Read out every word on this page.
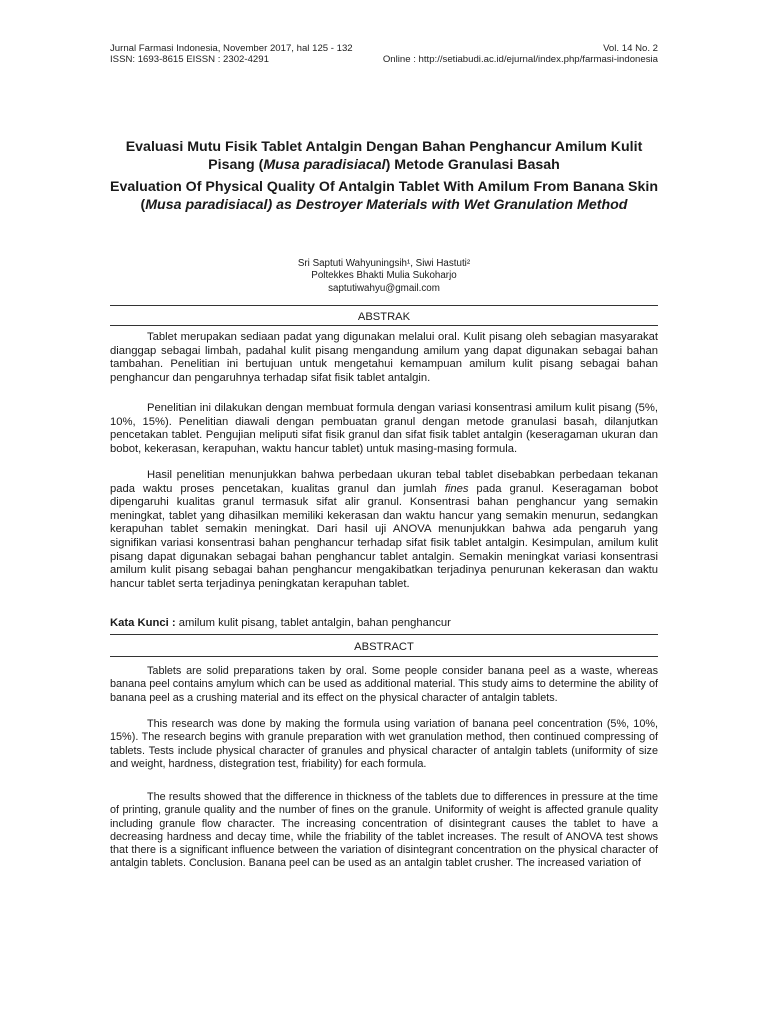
Jurnal Farmasi Indonesia, November 2017, hal 125 - 132	Vol. 14 No. 2
ISSN: 1693-8615 EISSN : 2302-4291	Online : http://setiabudi.ac.id/ejurnal/index.php/farmasi-indonesia
Evaluasi Mutu Fisik Tablet Antalgin Dengan Bahan Penghancur Amilum Kulit Pisang (Musa paradisiacal) Metode Granulasi Basah
Evaluation Of Physical Quality Of Antalgin Tablet With Amilum From Banana Skin (Musa paradisiacal) as Destroyer Materials with Wet Granulation Method
Sri Saptuti Wahyuningsih¹, Siwi Hastuti²
Poltekkes Bhakti Mulia Sukoharjo
saptutiwahyu@gmail.com
ABSTRAK

Tablet merupakan sediaan padat yang digunakan melalui oral. Kulit pisang oleh sebagian masyarakat dianggap sebagai limbah, padahal kulit pisang mengandung amilum yang dapat digunakan sebagai bahan tambahan. Penelitian ini bertujuan untuk mengetahui kemampuan amilum kulit pisang sebagai bahan penghancur dan pengaruhnya terhadap sifat fisik tablet antalgin.

Penelitian ini dilakukan dengan membuat formula dengan variasi konsentrasi amilum kulit pisang (5%, 10%, 15%). Penelitian diawali dengan pembuatan granul dengan metode granulasi basah, dilanjutkan pencetakan tablet. Pengujian meliputi sifat fisik granul dan sifat fisik tablet antalgin (keseragaman ukuran dan bobot, kekerasan, kerapuhan, waktu hancur tablet) untuk masing-masing formula.

Hasil penelitian menunjukkan bahwa perbedaan ukuran tebal tablet disebabkan perbedaan tekanan pada waktu proses pencetakan, kualitas granul dan jumlah fines pada granul. Keseragaman bobot dipengaruhi kualitas granul termasuk sifat alir granul. Konsentrasi bahan penghancur yang semakin meningkat, tablet yang dihasilkan memiliki kekerasan dan waktu hancur yang semakin menurun, sedangkan kerapuhan tablet semakin meningkat. Dari hasil uji ANOVA menunjukkan bahwa ada pengaruh yang signifikan variasi konsentrasi bahan penghancur terhadap sifat fisik tablet antalgin. Kesimpulan, amilum kulit pisang dapat digunakan sebagai bahan penghancur tablet antalgin. Semakin meningkat variasi konsentrasi amilum kulit pisang sebagai bahan penghancur mengakibatkan terjadinya penurunan kekerasan dan waktu hancur tablet serta terjadinya peningkatan kerapuhan tablet.

Kata Kunci : amilum kulit pisang, tablet antalgin, bahan penghancur

ABSTRACT

Tablets are solid preparations taken by oral. Some people consider banana peel as a waste, whereas banana peel contains amylum which can be used as additional material. This study aims to determine the ability of banana peel as a crushing material and its effect on the physical character of antalgin tablets.

This research was done by making the formula using variation of banana peel concentration (5%, 10%, 15%). The research begins with granule preparation with wet granulation method, then continued compressing of tablets. Tests include physical character of granules and physical character of antalgin tablets (uniformity of size and weight, hardness, distegration test, friability) for each formula.

The results showed that the difference in thickness of the tablets due to differences in pressure at the time of printing, granule quality and the number of fines on the granule. Uniformity of weight is affected granule quality including granule flow character. The increasing concentration of disintegrant causes the tablet to have a decreasing hardness and decay time, while the friability of the tablet increases. The result of ANOVA test shows that there is a significant influence between the variation of disintegrant concentration on the physical character of antalgin tablets. Conclusion. Banana peel can be used as an antalgin tablet crusher. The increased variation of
